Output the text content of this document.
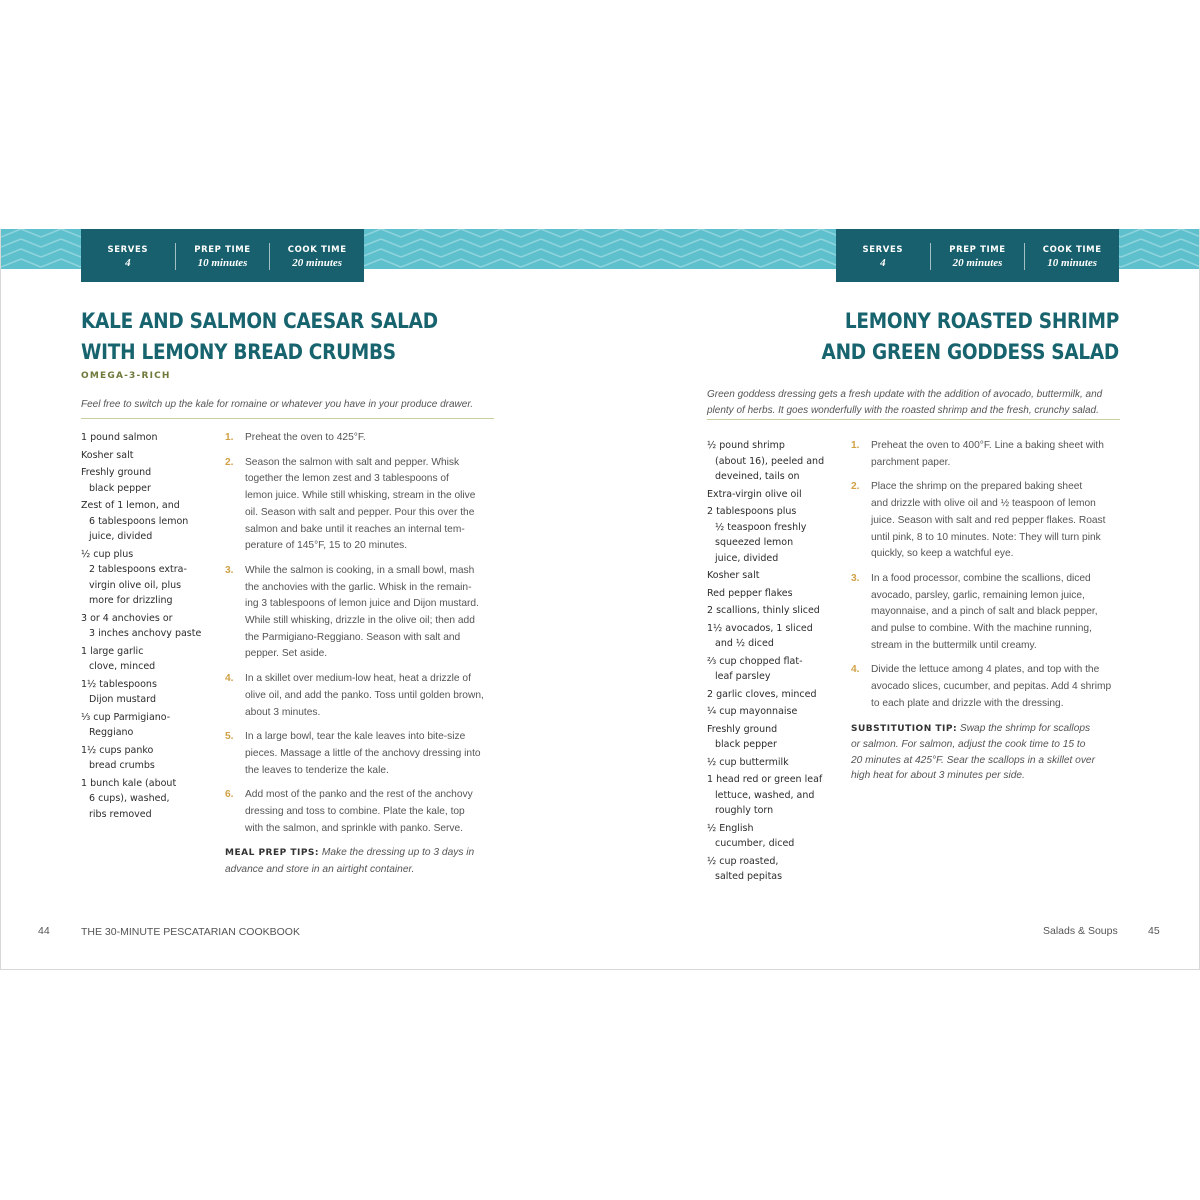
SERVES
4
PREP TIME
10 minutes
COOK TIME
20 minutes
KALE AND SALMON CAESAR SALAD
WITH LEMONY BREAD CRUMBS
OMEGA-3-RICH
Feel free to switch up the kale for romaine or whatever you have in your produce drawer.
1 pound salmon
Kosher salt
Freshly ground
black pepper
Zest of 1 lemon, and
6 tablespoons lemon
juice, divided
½ cup plus
2 tablespoons extra-
virgin olive oil, plus
more for drizzling
3 or 4 anchovies or
3 inches anchovy paste
1 large garlic
clove, minced
1½ tablespoons
Dijon mustard
⅓ cup Parmigiano-
Reggiano
1½ cups panko
bread crumbs
1 bunch kale (about
6 cups), washed,
ribs removed
1. Preheat the oven to 425°F.
2. Season the salmon with salt and pepper. Whisk
together the lemon zest and 3 tablespoons of
lemon juice. While still whisking, stream in the olive
oil. Season with salt and pepper. Pour this over the
salmon and bake until it reaches an internal tem-
perature of 145°F, 15 to 20 minutes.
3. While the salmon is cooking, in a small bowl, mash
the anchovies with the garlic. Whisk in the remain-
ing 3 tablespoons of lemon juice and Dijon mustard.
While still whisking, drizzle in the olive oil; then add
the Parmigiano-Reggiano. Season with salt and
pepper. Set aside.
4. In a skillet over medium-low heat, heat a drizzle of
olive oil, and add the panko. Toss until golden brown,
about 3 minutes.
5. In a large bowl, tear the kale leaves into bite-size
pieces. Massage a little of the anchovy dressing into
the leaves to tenderize the kale.
6. Add most of the panko and the rest of the anchovy
dressing and toss to combine. Plate the kale, top
with the salmon, and sprinkle with panko. Serve.
MEAL PREP TIPS: Make the dressing up to 3 days in
advance and store in an airtight container.
44	THE 30-MINUTE PESCATARIAN COOKBOOK
SERVES
4
PREP TIME
20 minutes
COOK TIME
10 minutes
LEMONY ROASTED SHRIMP
AND GREEN GODDESS SALAD
Green goddess dressing gets a fresh update with the addition of avocado, buttermilk, and
plenty of herbs. It goes wonderfully with the roasted shrimp and the fresh, crunchy salad.
½ pound shrimp
(about 16), peeled and
deveined, tails on
Extra-virgin olive oil
2 tablespoons plus
½ teaspoon freshly
squeezed lemon
juice, divided
Kosher salt
Red pepper flakes
2 scallions, thinly sliced
1½ avocados, 1 sliced
and ½ diced
⅔ cup chopped flat-
leaf parsley
2 garlic cloves, minced
¼ cup mayonnaise
Freshly ground
black pepper
½ cup buttermilk
1 head red or green leaf
lettuce, washed, and
roughly torn
½ English
cucumber, diced
½ cup roasted,
salted pepitas
1. Preheat the oven to 400°F. Line a baking sheet with
parchment paper.
2. Place the shrimp on the prepared baking sheet
and drizzle with olive oil and ½ teaspoon of lemon
juice. Season with salt and red pepper flakes. Roast
until pink, 8 to 10 minutes. Note: They will turn pink
quickly, so keep a watchful eye.
3. In a food processor, combine the scallions, diced
avocado, parsley, garlic, remaining lemon juice,
mayonnaise, and a pinch of salt and black pepper,
and pulse to combine. With the machine running,
stream in the buttermilk until creamy.
4. Divide the lettuce among 4 plates, and top with the
avocado slices, cucumber, and pepitas. Add 4 shrimp
to each plate and drizzle with the dressing.
SUBSTITUTION TIP: Swap the shrimp for scallops
or salmon. For salmon, adjust the cook time to 15 to
20 minutes at 425°F. Sear the scallops in a skillet over
high heat for about 3 minutes per side.
Salads & Soups	45
